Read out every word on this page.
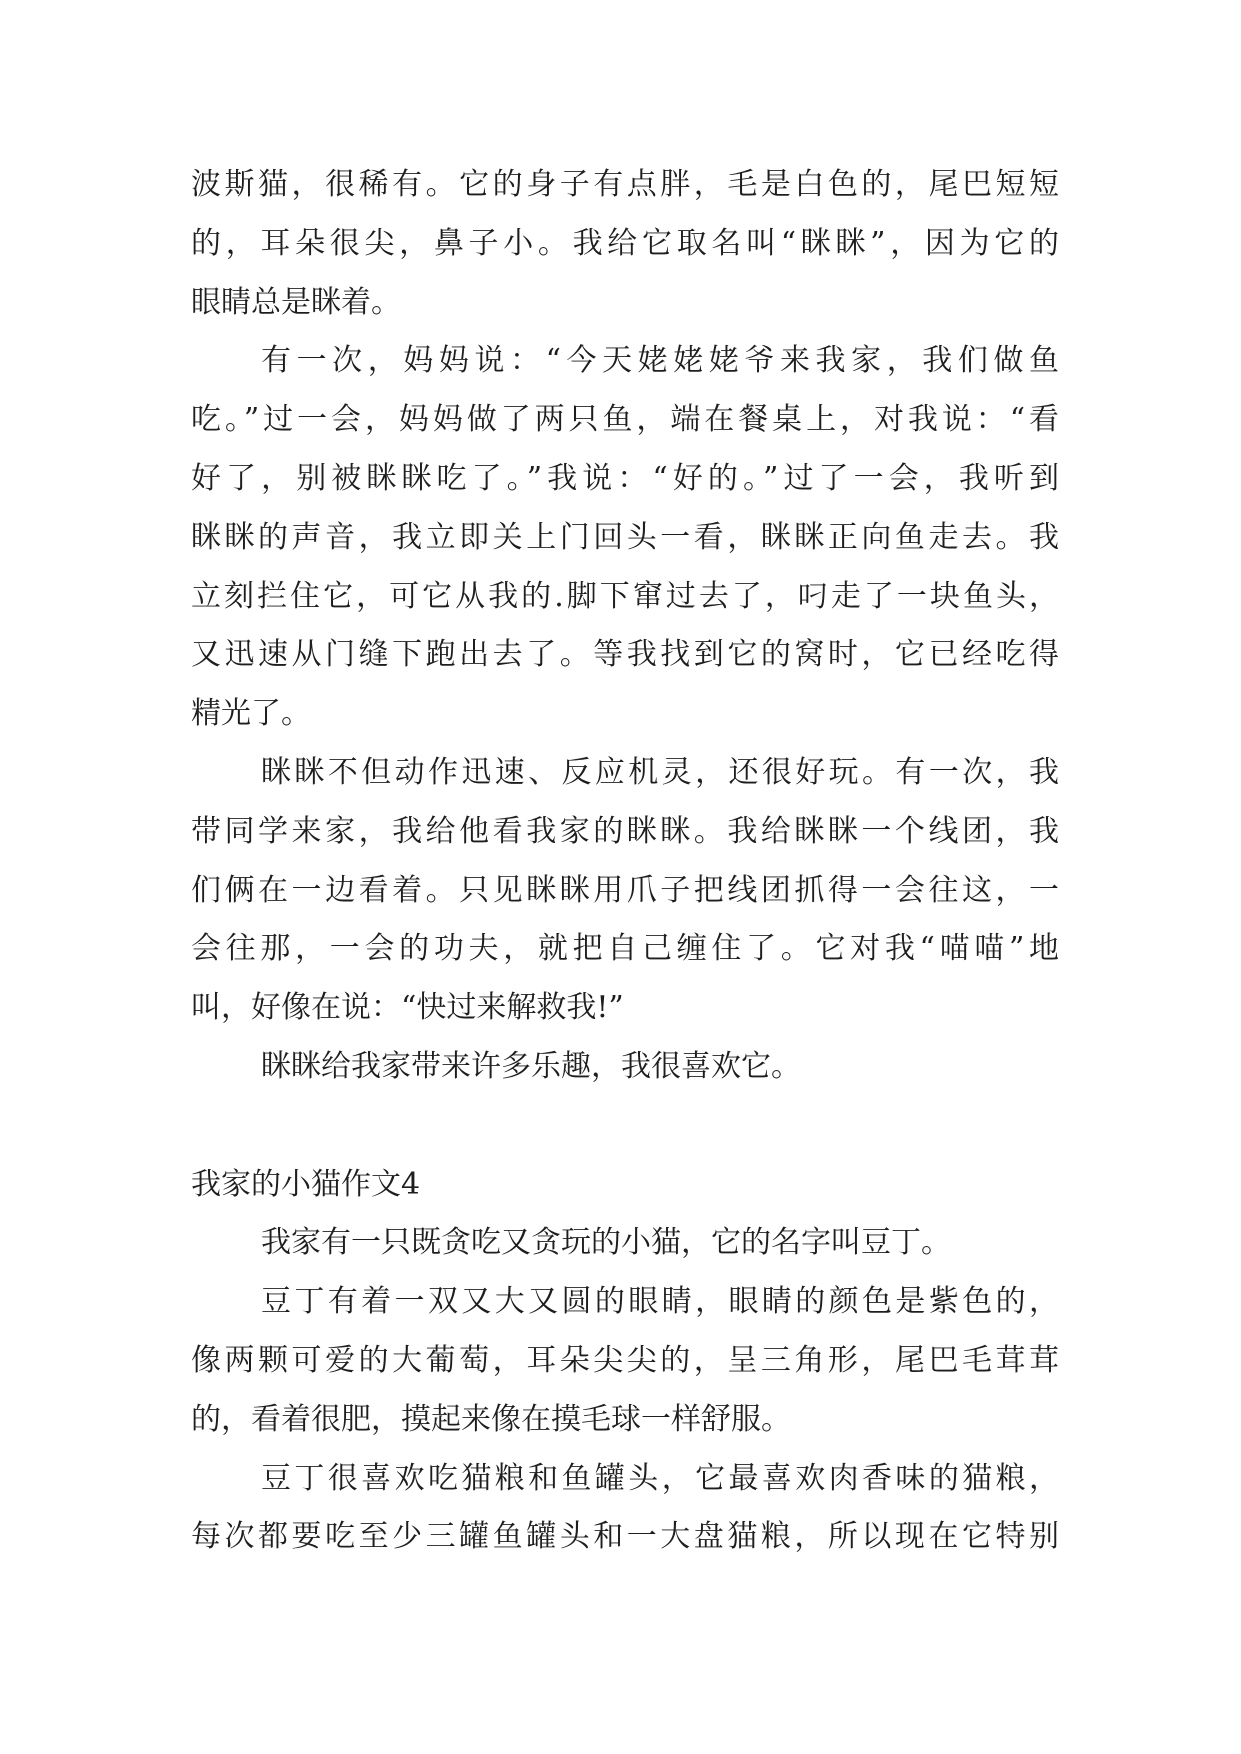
波斯猫，很稀有。它的身子有点胖，毛是白色的，尾巴短短
的，耳朵很尖，鼻子小。我给它取名叫“眯眯”，因为它的
眼睛总是眯着。
有一次，妈妈说：“今天姥姥姥爷来我家，我们做鱼
吃。”过一会，妈妈做了两只鱼，端在餐桌上，对我说：“看
好了，别被眯眯吃了。”我说：“好的。”过了一会，我听到
眯眯的声音，我立即关上门回头一看，眯眯正向鱼走去。我
立刻拦住它，可它从我的.脚下窜过去了，叼走了一块鱼头，
又迅速从门缝下跑出去了。等我找到它的窝时，它已经吃得
精光了。
眯眯不但动作迅速、反应机灵，还很好玩。有一次，我
带同学来家，我给他看我家的眯眯。我给眯眯一个线团，我
们俩在一边看着。只见眯眯用爪子把线团抓得一会往这，一
会往那，一会的功夫，就把自己缠住了。它对我“喵喵”地
叫，好像在说：“快过来解救我!”
眯眯给我家带来许多乐趣，我很喜欢它。
我家的小猫作文4
我家有一只既贪吃又贪玩的小猫，它的名字叫豆丁。
豆丁有着一双又大又圆的眼睛，眼睛的颜色是紫色的，
像两颗可爱的大葡萄，耳朵尖尖的，呈三角形，尾巴毛茸茸
的，看着很肥，摸起来像在摸毛球一样舒服。
豆丁很喜欢吃猫粮和鱼罐头，它最喜欢肉香味的猫粮，
每次都要吃至少三罐鱼罐头和一大盘猫粮，所以现在它特别
